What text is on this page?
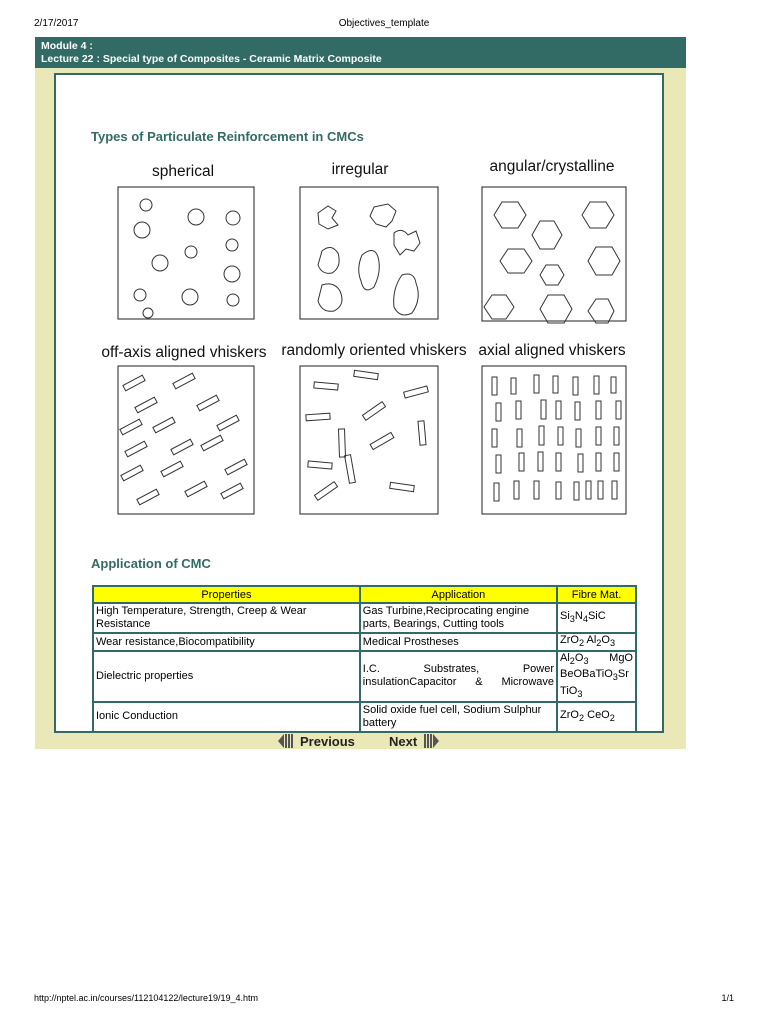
2/17/2017	Objectives_template
Module 4 :
Lecture 22 : Special type of Composites - Ceramic Matrix Composite
Types of Particulate Reinforcement in CMCs
spherical	irregular	angular/crystalline
off-axis aligned vhiskers randomly oriented vhiskers axial aligned vhiskers
Application of CMC
Properties	Application	Fibre Mat.
High Temperature, Strength, Creep & Wear Resistance	Gas Turbine,Reciprocating engine parts, Bearings, Cutting tools	$Si_3N_4SiC$
Wear resistance,Biocompatibility	Medical Prostheses	ZrO$_2$ $Al_2O_3$
Dielectric properties	I.C. Substrates, Power insulationCapacitor & Microwave	$Al_2O_3$ MgO BeOBaTiO$_3$Sr TiO$_3$
Ionic Conduction	Solid oxide fuel cell, Sodium Sulphur battery	ZrO$_2$ CeO$_2$
Previous	Next
http://nptel.ac.in/courses/112104122/lecture19/19_4.htm	1/1
